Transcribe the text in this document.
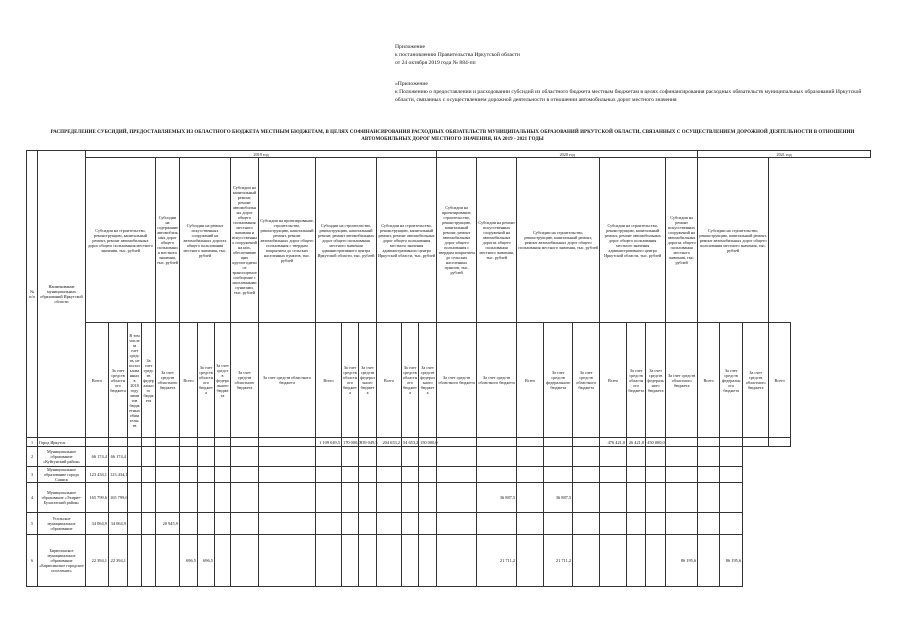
Приложение
к постановлению Правительства Иркутской области
от 24 октября 2019 года № 884-пп
«Приложение
к Положению о предоставлении и расходовании субсидий из областного бюджета местным бюджетам в целях софинансирования расходных обязательств муниципальных образований Иркутской области, связанных с осуществлением дорожной деятельности в отношении автомобильных дорог местного значения
РАСПРЕДЕЛЕНИЕ СУБСИДИЙ, ПРЕДОСТАВЛЯЕМЫХ ИЗ ОБЛАСТНОГО БЮДЖЕТА МЕСТНЫМ БЮДЖЕТАМ, В ЦЕЛЯХ СОФИНАНСИРОВАНИЯ РАСХОДНЫХ ОБЯЗАТЕЛЬСТВ МУНИЦИПАЛЬНЫХ ОБРАЗОВАНИЙ ИРКУТСКОЙ ОБЛАСТИ, СВЯЗАННЫХ С ОСУЩЕСТВЛЕНИЕМ ДОРОЖНОЙ ДЕЯТЕЛЬНОСТИ В ОТНОШЕНИИ АВТОМОБИЛЬНЫХ ДОРОГ МЕСТНОГО ЗНАЧЕНИЯ, НА 2019 - 2021 ГОДЫ
№ п/п	Наименование муниципальных образований Иркутской области	2019 год																2020 год									2021 год			
		Субсидии на строительство, реконструкцию, капитальный ремонт, ремонт автомобильных дорог общего пользования местного значения, тыс. рублей				Субсидии на содержание автомобильных дорог общего пользования местного значения, тыс. рублей	Субсидии на ремонт искусственных сооружений на автомобильных дорогах общего пользования местного значения, тыс. рублей			Субсидии на капитальный ремонт, ремонт автомобильных дорог общего пользования местного значения и искусственных сооружений на них, обеспечивающих круглогодичное транспортное сообщение с населенными пунктами, тыс. рублей	Субсидии на проектирование, строительство, реконструкцию, капитальный ремонт, ремонт автомобильных дорог общего пользования с твердым покрытием до сельских населенных пунктов, тыс. рублей	Субсидии на строительство, реконструкцию, капитальный ремонт, ремонт автомобильных дорог общего пользования местного значения административного центра Иркутской области, тыс. рублей			Субсидии на строительство, реконструкцию, капитальный ремонт, ремонт автомобильных дорог общего пользования местного значения административного центра Иркутской области, тыс. рублей			Субсидии на проектирование, строительство, реконструкцию, капитальный ремонт, ремонт автомобильных дорог общего пользования с твердым покрытием до сельских населенных пунктов, тыс. рублей	Субсидии на ремонт искусственных сооружений на автомобильных дорогах общего пользования местного значения, тыс. рублей	Субсидии на строительство, реконструкцию, капитальный ремонт, ремонт автомобильных дорог общего пользования местного значения, тыс. рублей			Субсидии на строительство, реконструкцию, капитальный ремонт, ремонт автомобильных дорог общего пользования местного значения административного центра Иркутской области, тыс. рублей			Субсидии на ремонт искусственных сооружений на автомобильных дорогах общего пользования местного значения, тыс. рублей	Субсидии на строительство, реконструкцию, капитальный ремонт, ремонт автомобильных дорог общего пользования местного значения, тыс. рублей			
		Всего	За счет средств областного бюджета	В том числе за счет средств, не использованных в 2018 году лимитов бюджетных обязательств	За счет средств федерального бюджета	За счет средств областного бюджета	Всего	За счет средств областного бюджета	За счет средств федерального бюджета	За счет средств областного бюджета	За счет средств областного бюджета	Всего	За счет средств областного бюджета	За счет средств федерального бюджета	Всего	За счет средств областного бюджета	За счет средств федерального бюджета	За счет средств областного бюджета	За счет средств областного бюджета	Всего	За счет средств федерального бюджета	За счет средств областного бюджета	Всего	За счет средств областного бюджета	За счет средств федерального бюджета	За счет средств областного бюджета	Всего	За счет средств федерального бюджета	За счет средств областного бюджета	Всего
1	Город Иркутск											1 109 049,5	170 000,0	939 049,5	204 653,2	54 653,2	150 000,0						476 421,0	26 421,0	450 000,0					
2	Муниципальное образование «Куйтунский район»	66 174,4	66 174,4																											
3	Муниципальное образование города Саянск	123 434,1	123 434,1																											
4	Муниципальное образование «Эхирит-Булагатский район»	165 799,6	165 799,6																36 887,5		36 887,5									
5	Усольское муниципальное образование	34 064,9	34 064,9			20 945,9																								
6	Бирюсинское муниципальное образование «Бирюсинское городское поселение»	22 394,1	22 394,1				696,5	696,5											21 711,2		21 711,2					86 195,6		86 195,6		
